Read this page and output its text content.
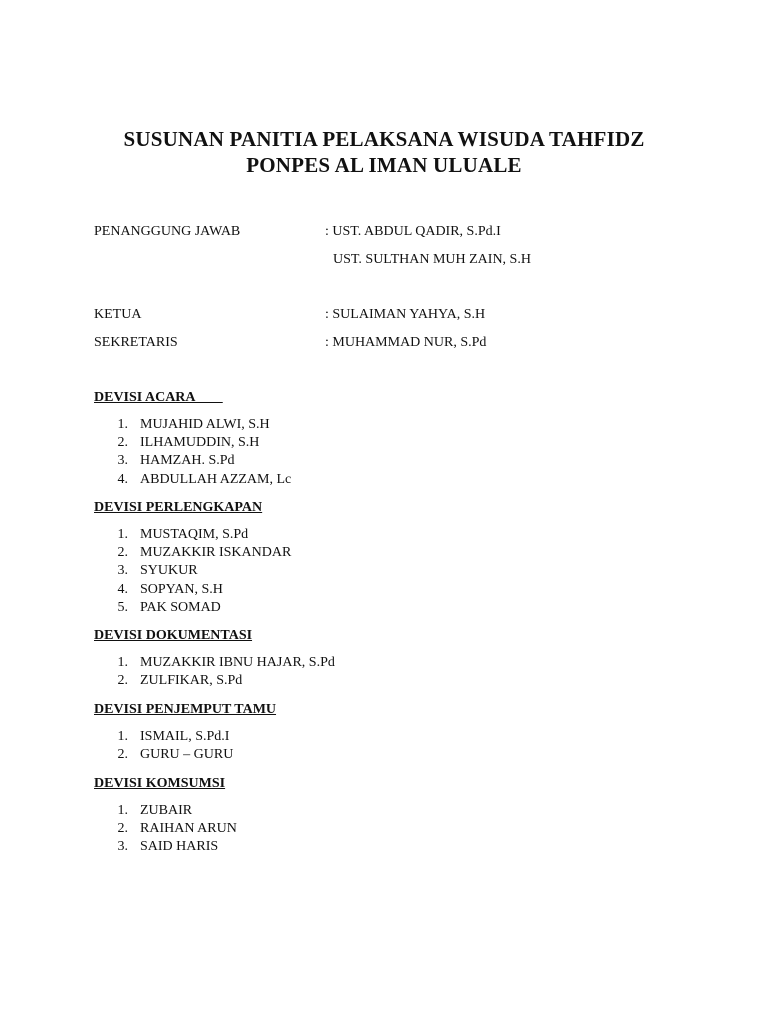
SUSUNAN PANITIA PELAKSANA WISUDA TAHFIDZ
PONPES AL IMAN ULUALE
PENANGGUNG JAWAB	: UST. ABDUL QADIR, S.Pd.I
UST. SULTHAN MUH ZAIN, S.H
KETUA	: SULAIMAN YAHYA, S.H
SEKRETARIS	: MUHAMMAD NUR, S.Pd
DEVISI ACARA
1. MUJAHID ALWI, S.H
2. ILHAMUDDIN, S.H
3. HAMZAH. S.Pd
4. ABDULLAH AZZAM, Lc
DEVISI PERLENGKAPAN
1. MUSTAQIM, S.Pd
2. MUZAKKIR ISKANDAR
3. SYUKUR
4. SOPYAN, S.H
5. PAK SOMAD
DEVISI DOKUMENTASI
1. MUZAKKIR IBNU HAJAR, S.Pd
2. ZULFIKAR, S.Pd
DEVISI PENJEMPUT TAMU
1. ISMAIL, S.Pd.I
2. GURU – GURU
DEVISI KOMSUMSI
1. ZUBAIR
2. RAIHAN ARUN
3. SAID HARIS
